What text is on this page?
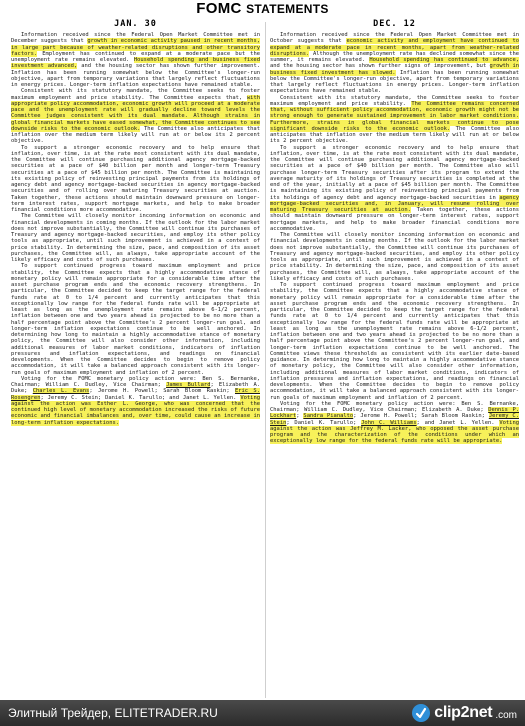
FOMC STATEMENTS
JAN. 30

Information received since the Federal Open Market Committee met in December suggests that growth in economic activity paused in recent months, in large part because of weather-related disruptions and other transitory factors. Employment has continued to expand at a moderate pace but the unemployment rate remains elevated. Household spending and business fixed investment advanced, and the housing sector has shown further improvement. Inflation has been running somewhat below the Committee's longer-run objective, apart from temporary variations that largely reflect fluctuations in energy prices. Longer-term inflation expectations have remained stable.

Consistent with its statutory mandate, the Committee seeks to foster maximum employment and price stability. The Committee expects that, with appropriate policy accommodation, economic growth will proceed at a moderate pace and the unemployment rate will gradually decline toward levels the Committee judges consistent with its dual mandate. Although strains in global financial markets have eased somewhat, the Committee continues to see downside risks to the economic outlook. The Committee also anticipates that inflation over the medium term likely will run at or below its 2 percent objective.

To support a stronger economic recovery and to help ensure that inflation, over time, is at the rate most consistent with its dual mandate, the Committee will continue purchasing additional agency mortgage-backed securities at a pace of $40 billion per month and longer-term Treasury securities at a pace of $45 billion per month. The Committee is maintaining its existing policy of reinvesting principal payments from its holdings of agency debt and agency mortgage-backed securities in agency mortgage-backed securities and of rolling over maturing Treasury securities at auction. Taken together, these actions should maintain downward pressure on longer-term interest rates, support mortgage markets, and help to make broader financial conditions more accommodative.

The Committee will closely monitor incoming information on economic and financial developments in coming months. If the outlook for the labor market does not improve substantially, the Committee will continue its purchases of Treasury and agency mortgage-backed securities, and employ its other policy tools as appropriate, until such improvement is achieved in a context of price stability. In determining the size, pace, and composition of its asset purchases, the Committee will, as always, take appropriate account of the likely efficacy and costs of such purchases.

To support continued progress toward maximum employment and price stability, the Committee expects that a highly accommodative stance of monetary policy will remain appropriate for a considerable time after the asset purchase program ends and the economic recovery strengthens. In particular, the Committee decided to keep the target range for the federal funds rate at 0 to 1/4 percent and currently anticipates that this exceptionally low range for the federal funds rate will be appropriate at least as long as the unemployment rate remains above 6-1/2 percent, inflation between one and two years ahead is projected to be no more than a half percentage point above the Committee's 2 percent longer-run goal, and longer-term inflation expectations continue to be well anchored. In determining how long to maintain a highly accommodative stance of monetary policy, the Committee will also consider other information, including additional measures of labor market conditions, indicators of inflation pressures and inflation expectations, and readings on financial developments. When the Committee decides to begin to remove policy accommodation, it will take a balanced approach consistent with its longer-run goals of maximum employment and inflation of 2 percent.

Voting for the FOMC monetary policy action were: Ben S. Bernanke, Chairman; William C. Dudley, Vice Chairman; James Bullard; Elizabeth A. Duke; Charles L. Evans; Jerome H. Powell; Sarah Bloom Raskin; Eric S. Rosengren; Jeremy C. Stein; Daniel K. Tarullo; and Janet L. Yellen. Voting against the action was Esther L. George, who was concerned that the continued high level of monetary accommodation increased the risks of future economic and financial imbalances and, over time, could cause an increase in long-term inflation expectations.

DEC. 12

Information received since the Federal Open Market Committee met in October suggests that economic activity and employment have continued to expand at a moderate pace in recent months, apart from weather-related disruptions. Although the unemployment rate has declined somewhat since the summer, it remains elevated. Household spending has continued to advance, and the housing sector has shown further signs of improvement, but growth in business fixed investment has slowed. Inflation has been running somewhat below the Committee's longer-run objective, apart from temporary variations that largely reflect fluctuations in energy prices. Longer-term inflation expectations have remained stable.

Consistent with its statutory mandate, the Committee seeks to foster maximum employment and price stability. The Committee remains concerned that, without sufficient policy accommodation, economic growth might not be strong enough to generate sustained improvement in labor market conditions. Furthermore, strains in global financial markets continue to pose significant downside risks to the economic outlook. The Committee also anticipates that inflation over the medium term likely will run at or below its 2 percent objective.

To support a stronger economic recovery and to help ensure that inflation, over time, is at the rate most consistent with its dual mandate, the Committee will continue purchasing additional agency mortgage-backed securities at a pace of $40 billion per month. The Committee also will purchase longer-term Treasury securities after its program to extend the average maturity of its holdings of Treasury securities is completed at the end of the year, initially at a pace of $45 billion per month. The Committee is maintaining its existing policy of reinvesting principal payments from its holdings of agency debt and agency mortgage-backed securities in agency mortgage-backed securities and, in January, will resume rolling over maturing Treasury securities at auction. Taken together, these actions should maintain downward pressure on longer-term interest rates, support mortgage markets, and help to make broader financial conditions more accommodative.

The Committee will closely monitor incoming information on economic and financial developments in coming months. If the outlook for the labor market does not improve substantially, the Committee will continue its purchases of Treasury and agency mortgage-backed securities, and employ its other policy tools as appropriate, until such improvement is achieved in a context of price stability. In determining the size, pace, and composition of its asset purchases, the Committee will, as always, take appropriate account of the likely efficacy and costs of such purchases.

To support continued progress toward maximum employment and price stability, the Committee expects that a highly accommodative stance of monetary policy will remain appropriate for a considerable time after the asset purchase program ends and the economic recovery strengthens. In particular, the Committee decided to keep the target range for the federal funds rate at 0 to 1/4 percent and currently anticipates that this exceptionally low range for the federal funds rate will be appropriate at least as long as the unemployment rate remains above 6-1/2 percent, inflation between one and two years ahead is projected to be no more than a half percentage point above the Committee's 2 percent longer-run goal, and longer-term inflation expectations continue to be well anchored. The Committee views these thresholds as consistent with its earlier date-based guidance. In determining how long to maintain a highly accommodative stance of monetary policy, the Committee will also consider other information, including additional measures of labor market conditions, indicators of inflation pressures and inflation expectations, and readings on financial developments. When the Committee decides to begin to remove policy accommodation, it will take a balanced approach consistent with its longer-run goals of maximum employment and inflation of 2 percent.

Voting for the FOMC monetary policy action were: Ben S. Bernanke, Chairman; William C. Dudley, Vice Chairman; Elizabeth A. Duke; Dennis P. Lockhart; Sandra Pianalto; Jerome H. Powell; Sarah Bloom Raskin; Jeremy C. Stein; Daniel K. Tarullo; John C. Williams; and Janet L. Yellen. Voting against the action was Jeffrey M. Lacker, who opposed the asset purchase program and the characterization of the conditions under which an exceptionally low range for the federal funds rate will be appropriate.

Элитный Трейдер, ELITETRADER.RU	clip2net .com
